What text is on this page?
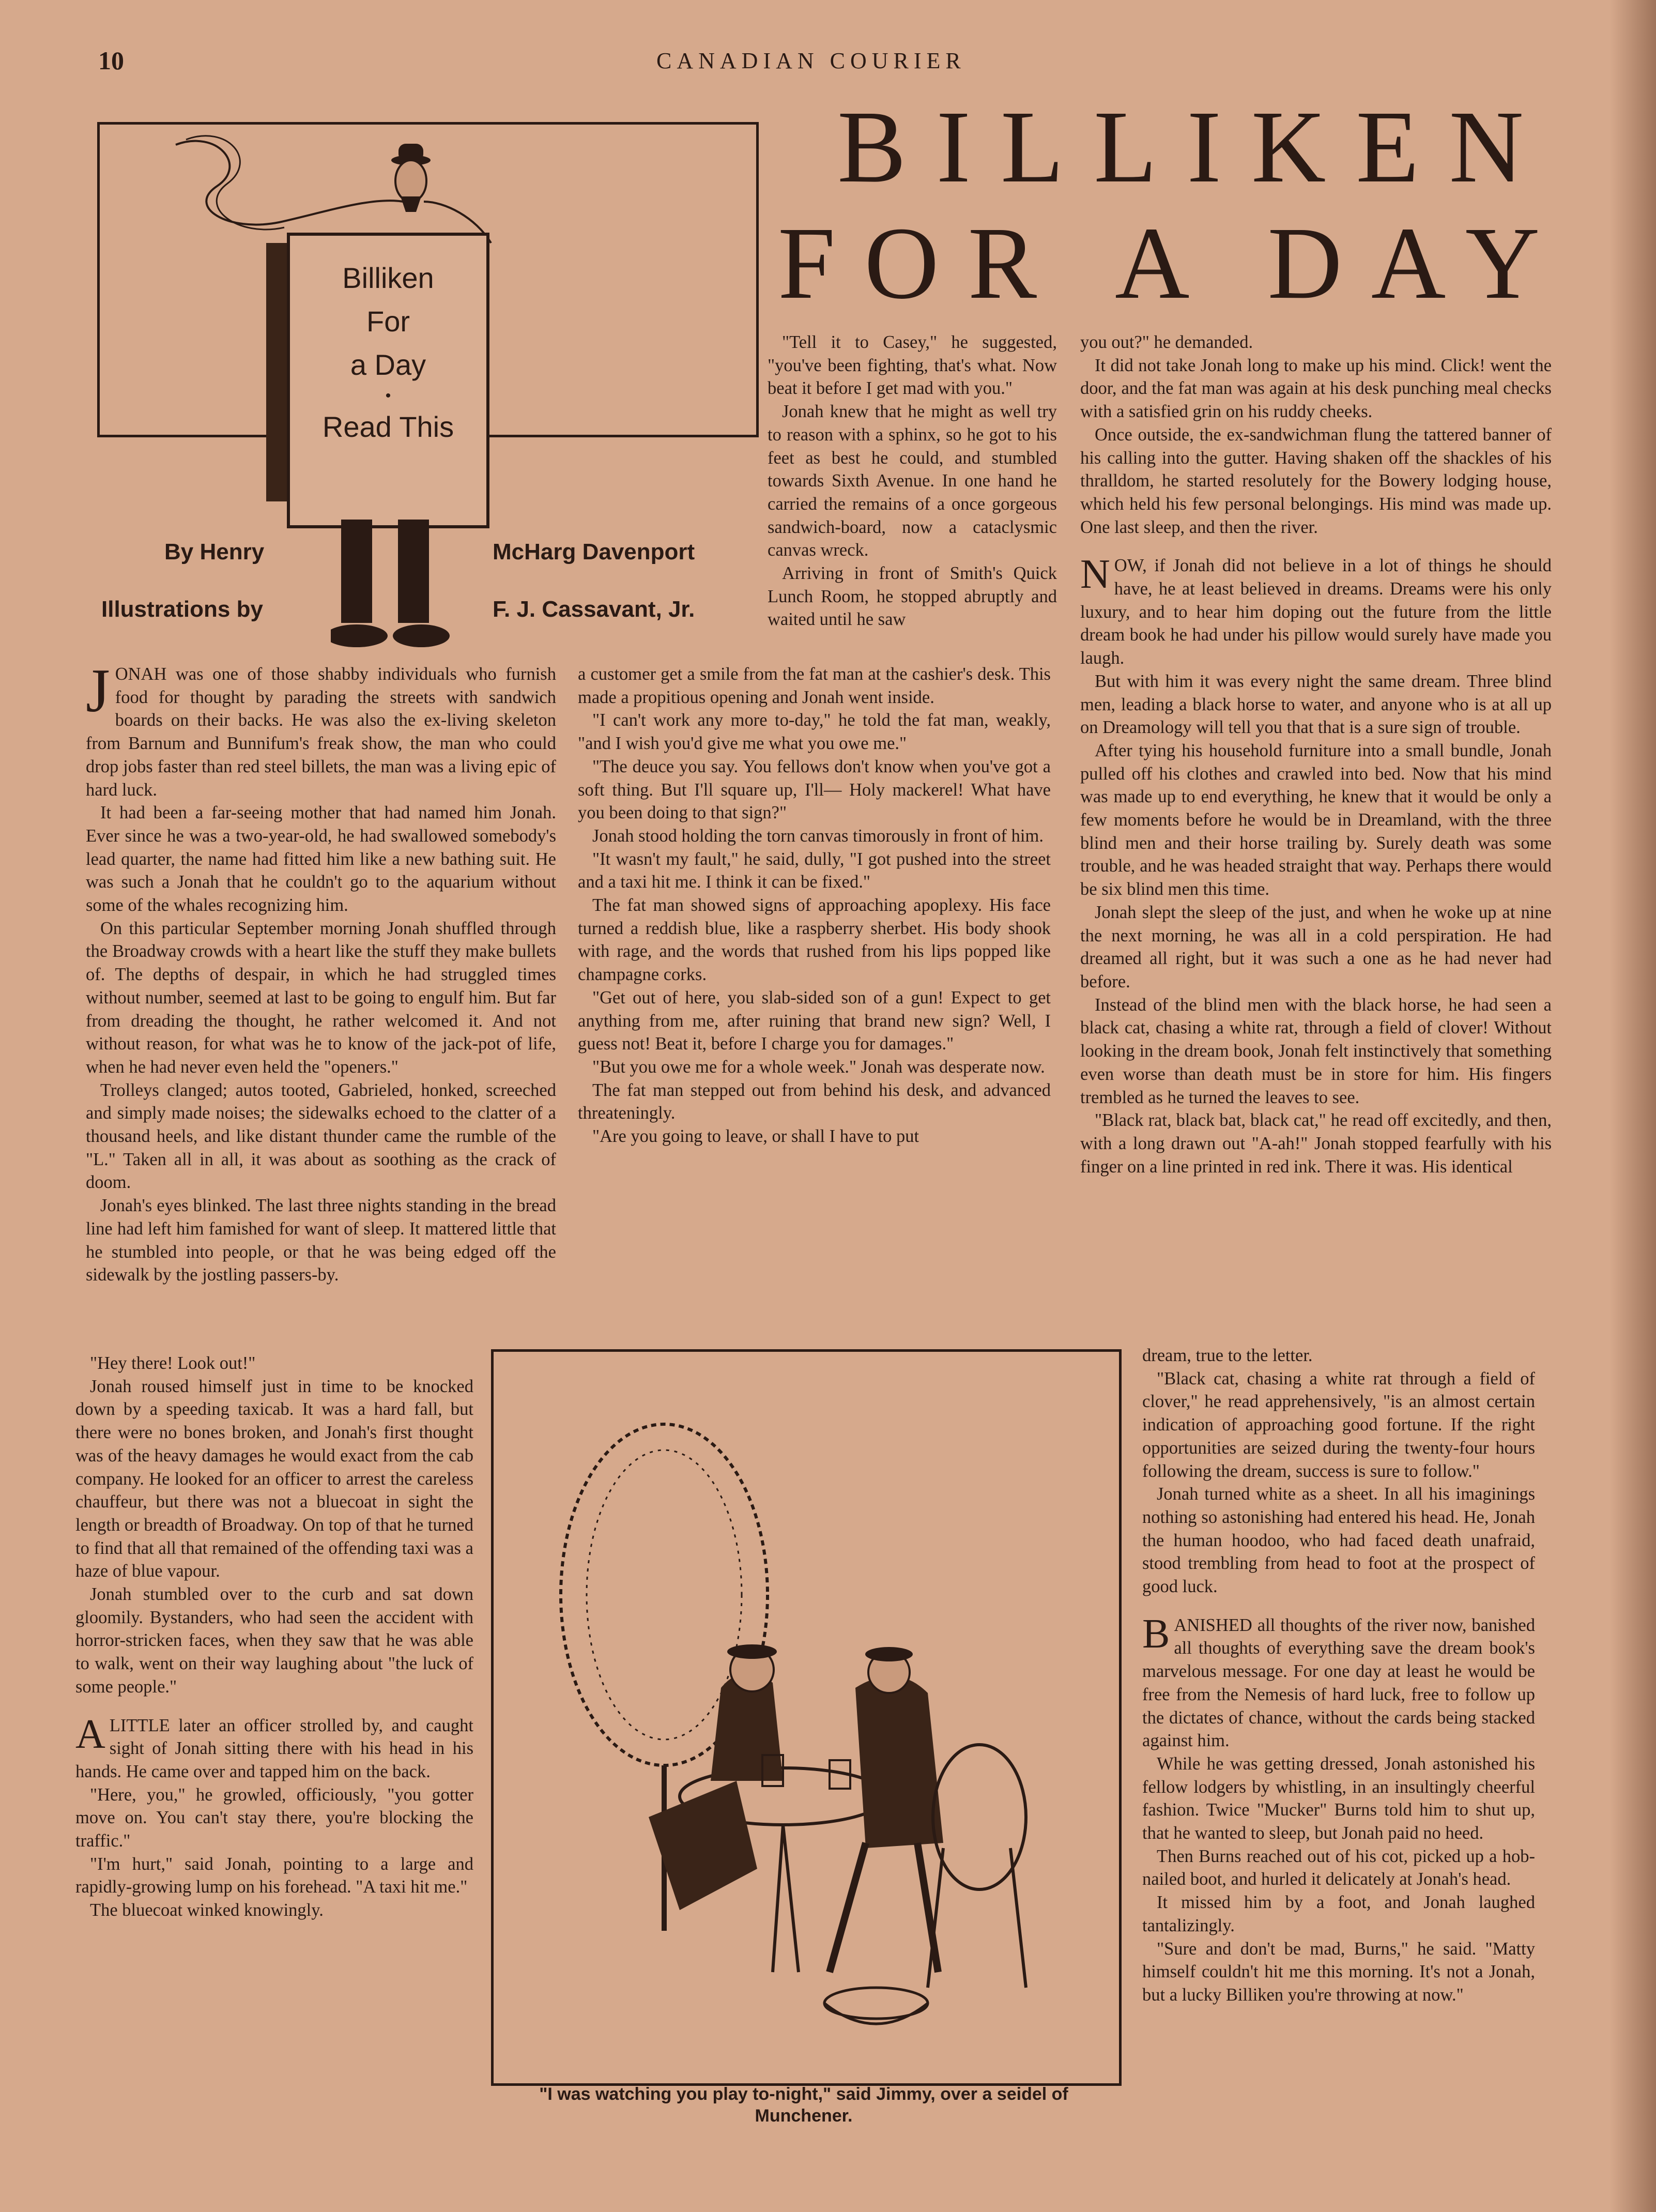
10	CANADIAN COURIER
BILLIKEN
FOR A DAY
Billiken
For
a Day
•
Read This
By Henry	McHarg Davenport
Illustrations by	F. J. Cassavant, Jr.

JONAH was one of those shabby individuals who furnish food for thought by parading the streets with sandwich boards on their backs. He was also the ex-living skeleton from Barnum and Bunnifum's freak show, the man who could drop jobs faster than red steel billets, the man was a living epic of hard luck.

It had been a far-seeing mother that had named him Jonah. Ever since he was a two-year-old, he had swallowed somebody's lead quarter, the name had fitted him like a new bathing suit. He was such a Jonah that he couldn't go to the aquarium without some of the whales recognizing him.

On this particular September morning Jonah shuffled through the Broadway crowds with a heart like the stuff they make bullets of. The depths of despair, in which he had struggled times without number, seemed at last to be going to engulf him. But far from dreading the thought, he rather welcomed it. And not without reason, for what was he to know of the jack-pot of life, when he had never even held the "openers."

Trolleys clanged; autos tooted, Gabrieled, honked, screeched and simply made noises; the sidewalks echoed to the clatter of a thousand heels, and like distant thunder came the rumble of the "L." Taken all in all, it was about as soothing as the crack of doom.

Jonah's eyes blinked. The last three nights standing in the bread line had left him famished for want of sleep. It mattered little that he stumbled into people, or that he was being edged off the sidewalk by the jostling passers-by.

"Hey there! Look out!"

Jonah roused himself just in time to be knocked down by a speeding taxicab. It was a hard fall, but there were no bones broken, and Jonah's first thought was of the heavy damages he would exact from the cab company. He looked for an officer to arrest the careless chauffeur, but there was not a bluecoat in sight the length or breadth of Broadway. On top of that he turned to find that all that remained of the offending taxi was a haze of blue vapour.

Jonah stumbled over to the curb and sat down gloomily. Bystanders, who had seen the accident with horror-stricken faces, when they saw that he was able to walk, went on their way laughing about "the luck of some people."

ALITTLE later an officer strolled by, and caught sight of Jonah sitting there with his head in his hands. He came over and tapped him on the back.

"Here, you," he growled, officiously, "you gotter move on. You can't stay there, you're blocking the traffic."

"I'm hurt," said Jonah, pointing to a large and rapidly-growing lump on his forehead. "A taxi hit me."

The bluecoat winked knowingly.

"Tell it to Casey," he suggested, "you've been fighting, that's what. Now beat it before I get mad with you."

Jonah knew that he might as well try to reason with a sphinx, so he got to his feet as best he could, and stumbled towards Sixth Avenue. In one hand he carried the remains of a once gorgeous sandwich-board, now a cataclysmic canvas wreck.

Arriving in front of Smith's Quick Lunch Room, he stopped abruptly and waited until he saw

a customer get a smile from the fat man at the cashier's desk. This made a propitious opening and Jonah went inside.

"I can't work any more to-day," he told the fat man, weakly, "and I wish you'd give me what you owe me."

"The deuce you say. You fellows don't know when you've got a soft thing. But I'll square up, I'll— Holy mackerel! What have you been doing to that sign?"

Jonah stood holding the torn canvas timorously in front of him.

"It wasn't my fault," he said, dully, "I got pushed into the street and a taxi hit me. I think it can be fixed."

The fat man showed signs of approaching apoplexy. His face turned a reddish blue, like a raspberry sherbet. His body shook with rage, and the words that rushed from his lips popped like champagne corks.

"Get out of here, you slab-sided son of a gun! Expect to get anything from me, after ruining that brand new sign? Well, I guess not! Beat it, before I charge you for damages."

"But you owe me for a whole week." Jonah was desperate now.

The fat man stepped out from behind his desk, and advanced threateningly.

"Are you going to leave, or shall I have to put

you out?" he demanded.

It did not take Jonah long to make up his mind. Click! went the door, and the fat man was again at his desk punching meal checks with a satisfied grin on his ruddy cheeks.

Once outside, the ex-sandwichman flung the tattered banner of his calling into the gutter. Having shaken off the shackles of his thralldom, he started resolutely for the Bowery lodging house, which held his few personal belongings. His mind was made up. One last sleep, and then the river.

NOW, if Jonah did not believe in a lot of things he should have, he at least believed in dreams. Dreams were his only luxury, and to hear him doping out the future from the little dream book he had under his pillow would surely have made you laugh.

But with him it was every night the same dream. Three blind men, leading a black horse to water, and anyone who is at all up on Dreamology will tell you that that is a sure sign of trouble.

After tying his household furniture into a small bundle, Jonah pulled off his clothes and crawled into bed. Now that his mind was made up to end everything, he knew that it would be only a few moments before he would be in Dreamland, with the three blind men and their horse trailing by. Surely death was some trouble, and he was headed straight that way. Perhaps there would be six blind men this time.

Jonah slept the sleep of the just, and when he woke up at nine the next morning, he was all in a cold perspiration. He had dreamed all right, but it was such a one as he had never had before.

Instead of the blind men with the black horse, he had seen a black cat, chasing a white rat, through a field of clover! Without looking in the dream book, Jonah felt instinctively that something even worse than death must be in store for him. His fingers trembled as he turned the leaves to see.

"Black rat, black bat, black cat," he read off excitedly, and then, with a long drawn out "A-ah!" Jonah stopped fearfully with his finger on a line printed in red ink. There it was. His identical

dream, true to the letter.

"Black cat, chasing a white rat through a field of clover," he read apprehensively, "is an almost certain indication of approaching good fortune. If the right opportunities are seized during the twenty-four hours following the dream, success is sure to follow."

Jonah turned white as a sheet. In all his imaginings nothing so astonishing had entered his head. He, Jonah the human hoodoo, who had faced death unafraid, stood trembling from head to foot at the prospect of good luck.

BANISHED all thoughts of the river now, banished all thoughts of everything save the dream book's marvelous message. For one day at least he would be free from the Nemesis of hard luck, free to follow up the dictates of chance, without the cards being stacked against him.

While he was getting dressed, Jonah astonished his fellow lodgers by whistling, in an insultingly cheerful fashion. Twice "Mucker" Burns told him to shut up, that he wanted to sleep, but Jonah paid no heed.

Then Burns reached out of his cot, picked up a hob-nailed boot, and hurled it delicately at Jonah's head.

It missed him by a foot, and Jonah laughed tantalizingly.

"Sure and don't be mad, Burns," he said. "Matty himself couldn't hit me this morning. It's not a Jonah, but a lucky Billiken you're throwing at now."

"I was watching you play to-night," said Jimmy, over a seidel of
Munchener.
